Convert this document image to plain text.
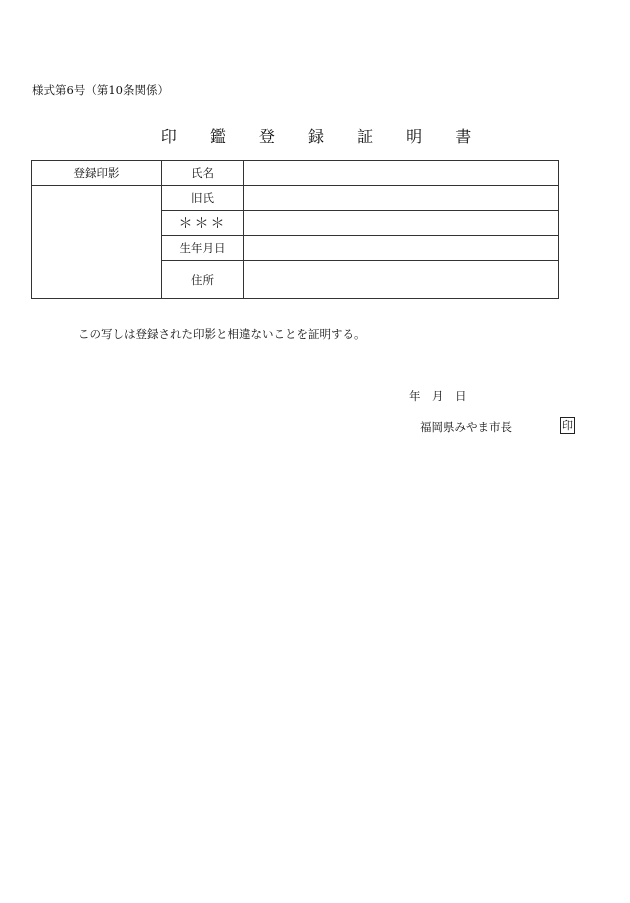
様式第6号（第10条関係）
印 鑑 登 録 証 明 書
登録印影	氏名	
	旧氏	
	＊＊＊	
	生年月日	
	住所	
この写しは登録された印影と相違ないことを証明する。
年　月　日
福岡県みやま市長	印
